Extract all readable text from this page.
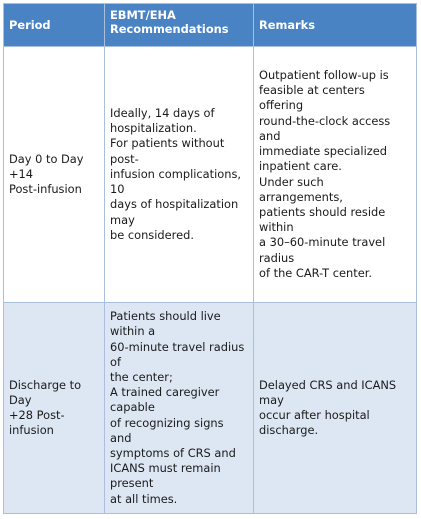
Period
EBMT/EHA
Recommendations	Remarks
Day 0 to Day +14
Post-infusion
Ideally, 14 days of
hospitalization.
For patients without post-
infusion complications, 10
days of hospitalization may
be considered.
Outpatient follow-up is
feasible at centers offering
round-the-clock access and
immediate specialized
inpatient care.
Under such arrangements,
patients should reside within
a 30–60-minute travel radius
of the CAR-T center.
Discharge to Day
+28 Post-infusion
Patients should live within a
60-minute travel radius of
the center;
A trained caregiver capable
of recognizing signs and
symptoms of CRS and
ICANS must remain present
at all times.
Delayed CRS and ICANS may
occur after hospital
discharge.
